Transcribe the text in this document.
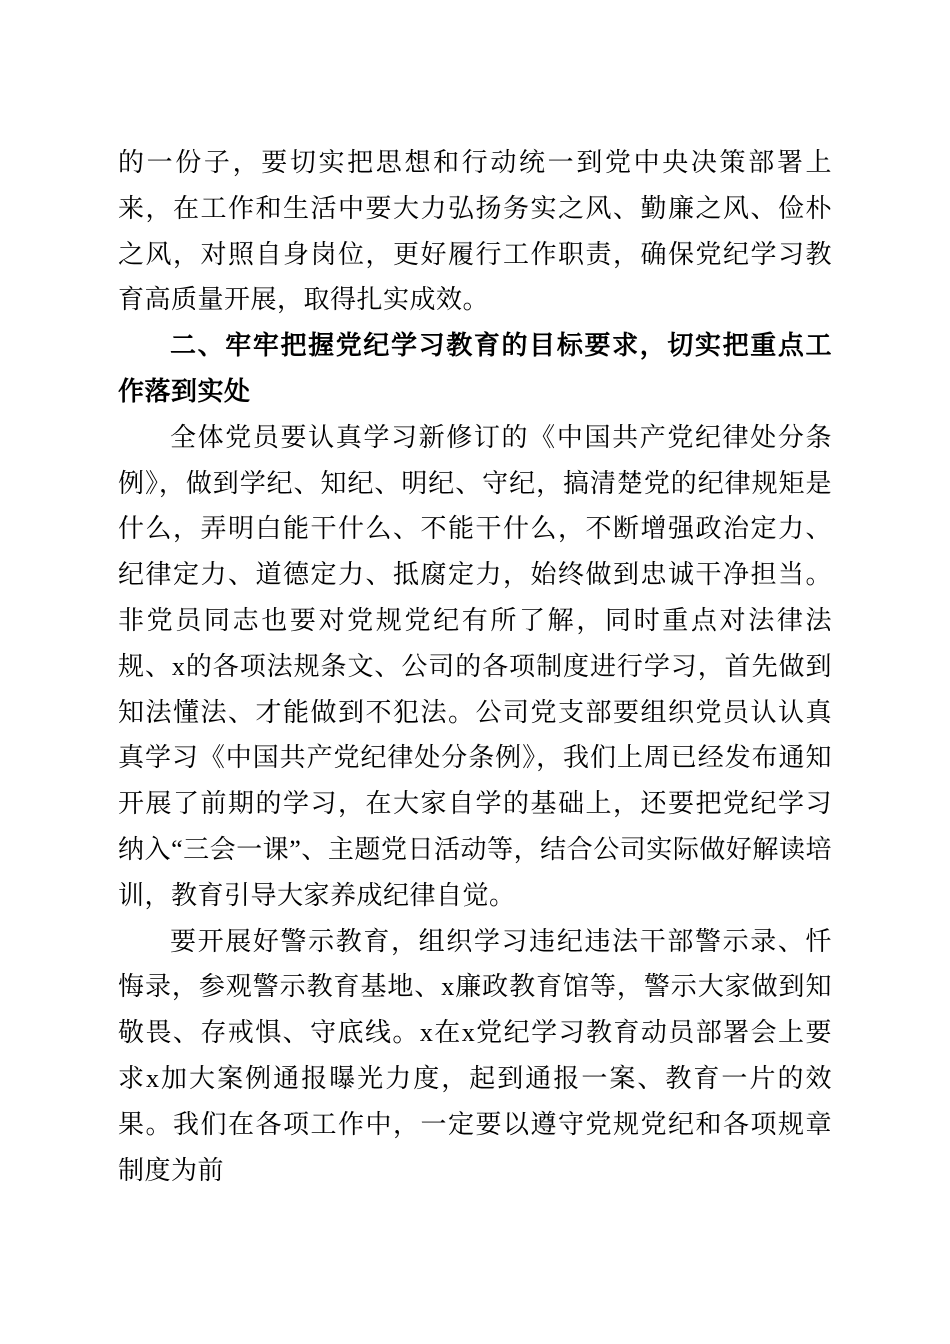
的一份子，要切实把思想和行动统一到党中央决策部署上来，在工作和生活中要大力弘扬务实之风、勤廉之风、俭朴之风，对照自身岗位，更好履行工作职责，确保党纪学习教育高质量开展，取得扎实成效。

二、牢牢把握党纪学习教育的目标要求，切实把重点工作落到实处

全体党员要认真学习新修订的《中国共产党纪律处分条例》，做到学纪、知纪、明纪、守纪，搞清楚党的纪律规矩是什么，弄明白能干什么、不能干什么，不断增强政治定力、纪律定力、道德定力、抵腐定力，始终做到忠诚干净担当。非党员同志也要对党规党纪有所了解，同时重点对法律法规、x的各项法规条文、公司的各项制度进行学习，首先做到知法懂法、才能做到不犯法。公司党支部要组织党员认认真真学习《中国共产党纪律处分条例》，我们上周已经发布通知开展了前期的学习，在大家自学的基础上，还要把党纪学习纳入“三会一课”、主题党日活动等，结合公司实际做好解读培训，教育引导大家养成纪律自觉。

要开展好警示教育，组织学习违纪违法干部警示录、忏悔录，参观警示教育基地、x廉政教育馆等，警示大家做到知敬畏、存戒惧、守底线。x在x党纪学习教育动员部署会上要求x加大案例通报曝光力度，起到通报一案、教育一片的效果。我们在各项工作中，一定要以遵守党规党纪和各项规章制度为前
